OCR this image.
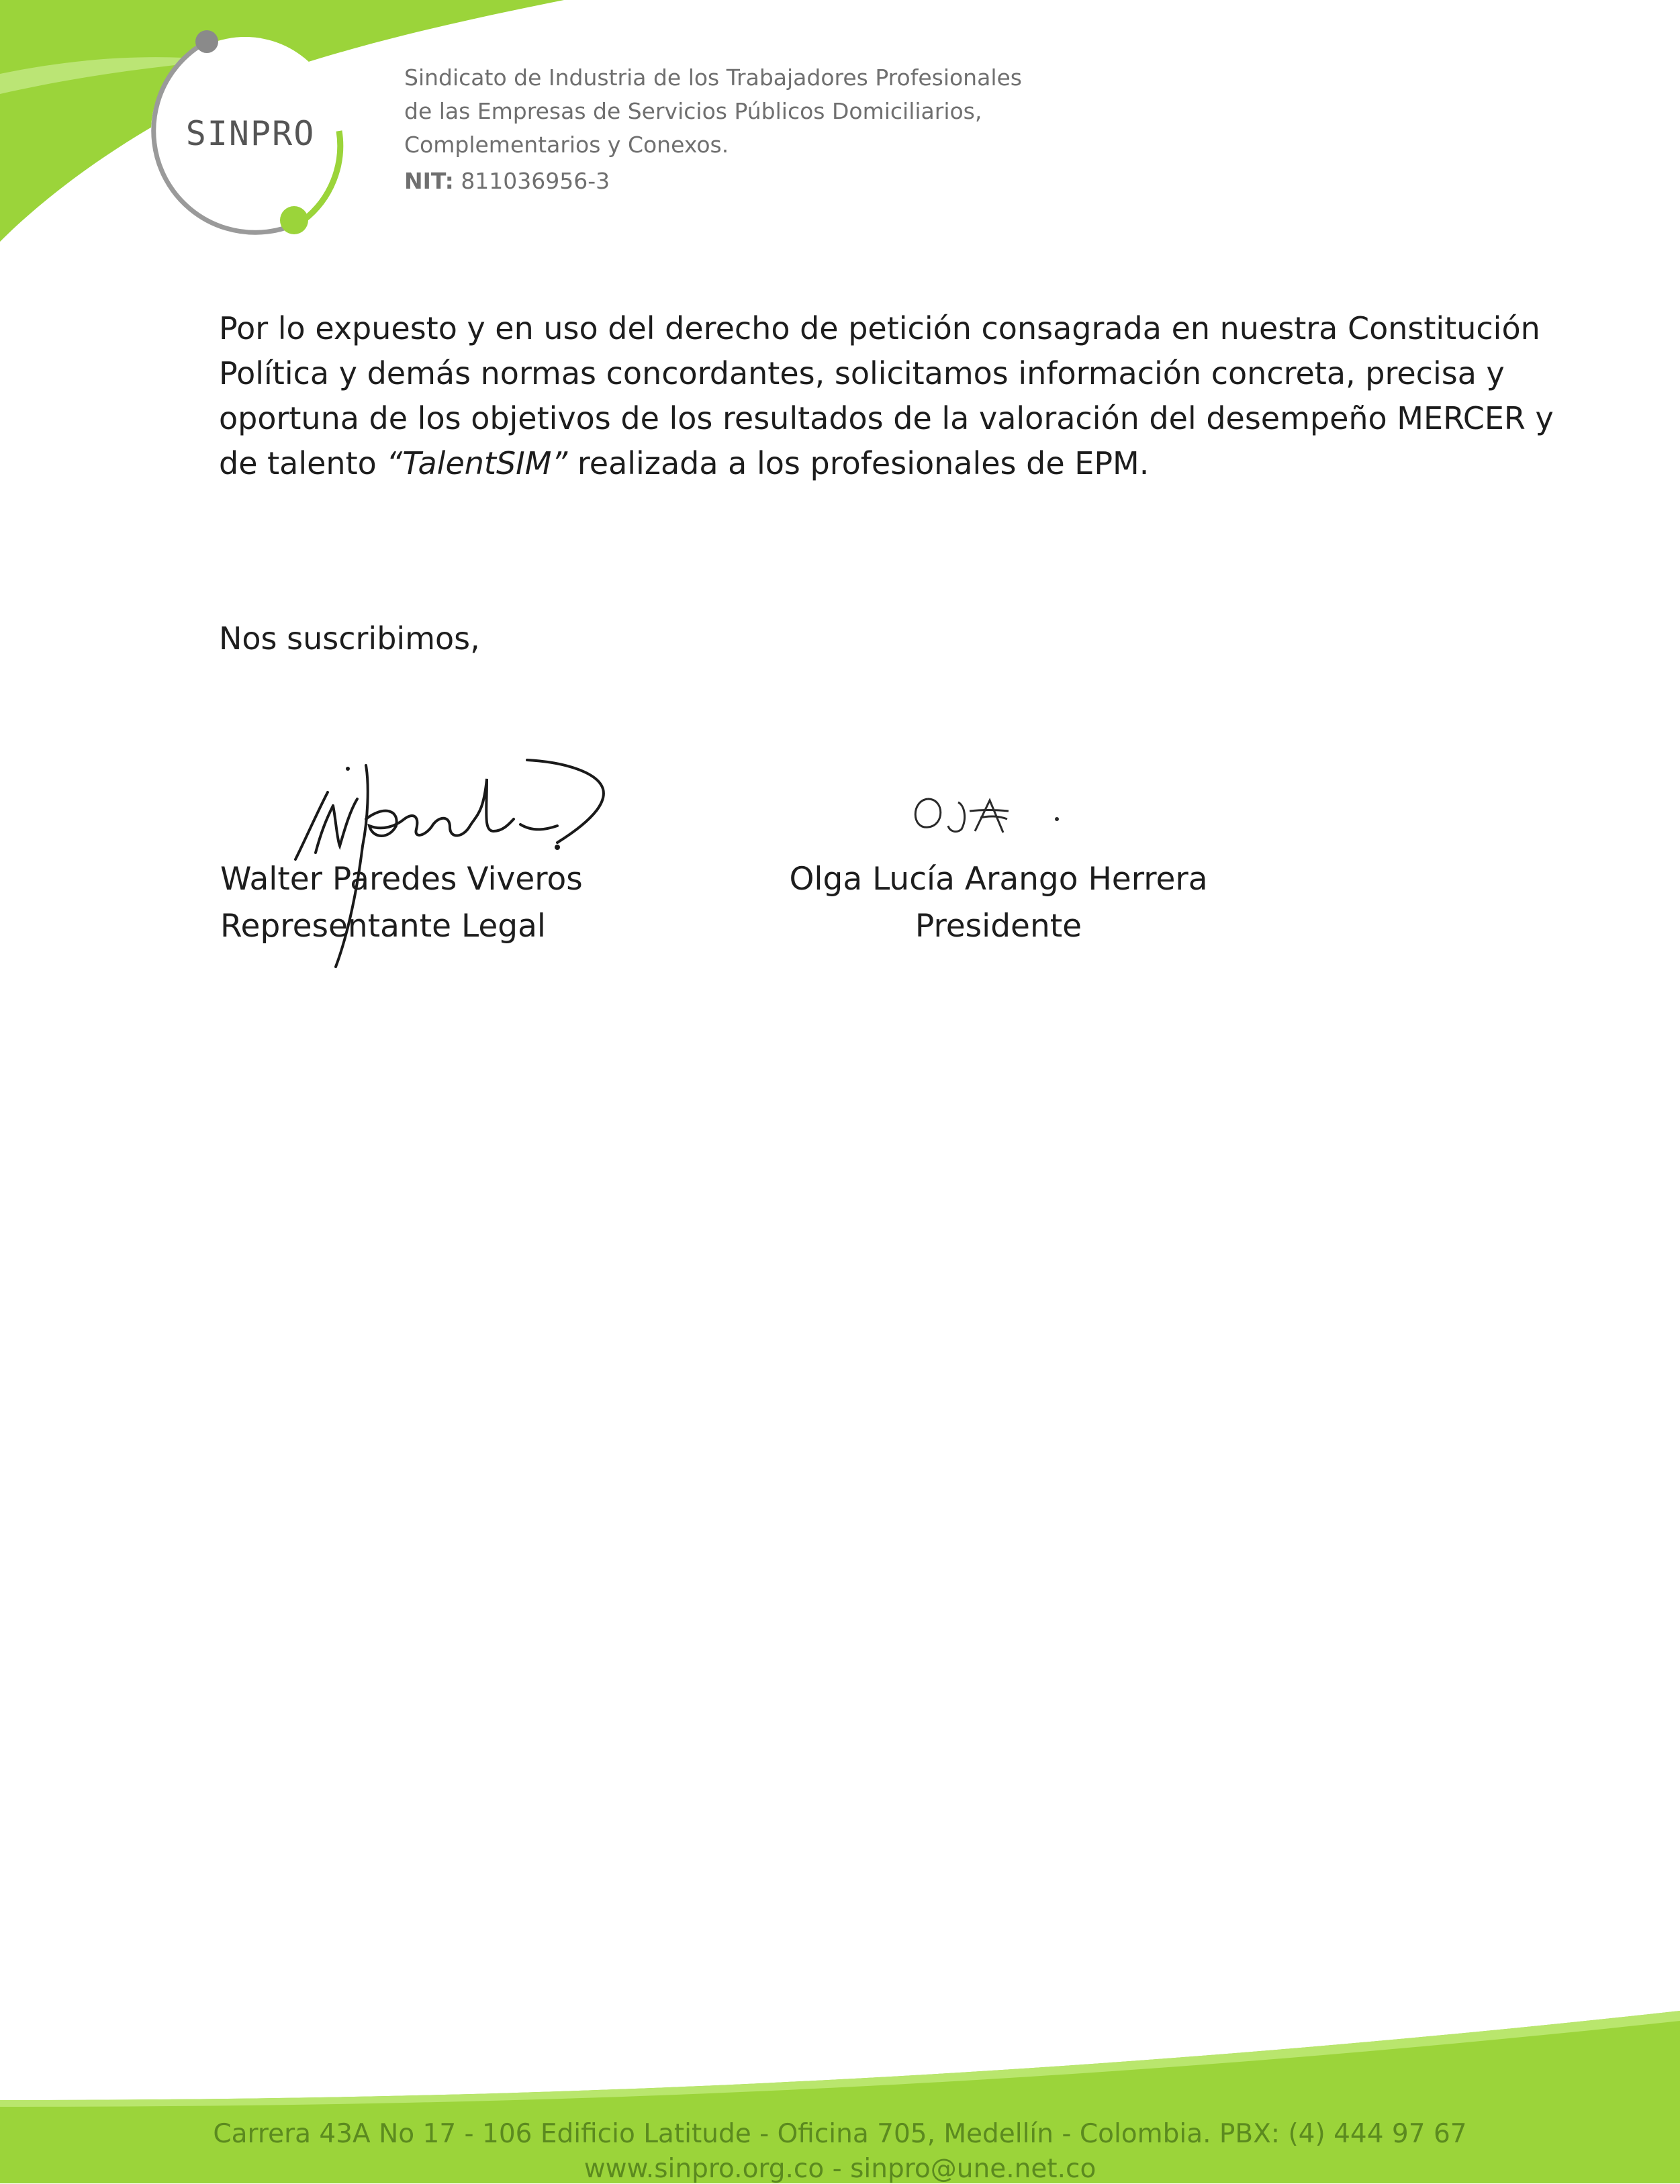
SINPRO
Sindicato de Industria de los Trabajadores Profesionales
de las Empresas de Servicios Públicos Domiciliarios,
Complementarios y Conexos.
NIT: 811036956-3
Por lo expuesto y en uso del derecho de petición consagrada en nuestra Constitución
Política y demás normas concordantes, solicitamos información concreta, precisa y
oportuna de los objetivos de los resultados de la valoración del desempeño MERCER y
de talento “TalentSIM” realizada a los profesionales de EPM.
Nos suscribimos,
Walter Paredes Viveros
Representante Legal
Olga Lucía Arango Herrera
Presidente
Carrera 43A No 17 - 106 Edificio Latitude - Oficina 705, Medellín - Colombia. PBX: (4) 444 97 67
www.sinpro.org.co - sinpro@une.net.co
